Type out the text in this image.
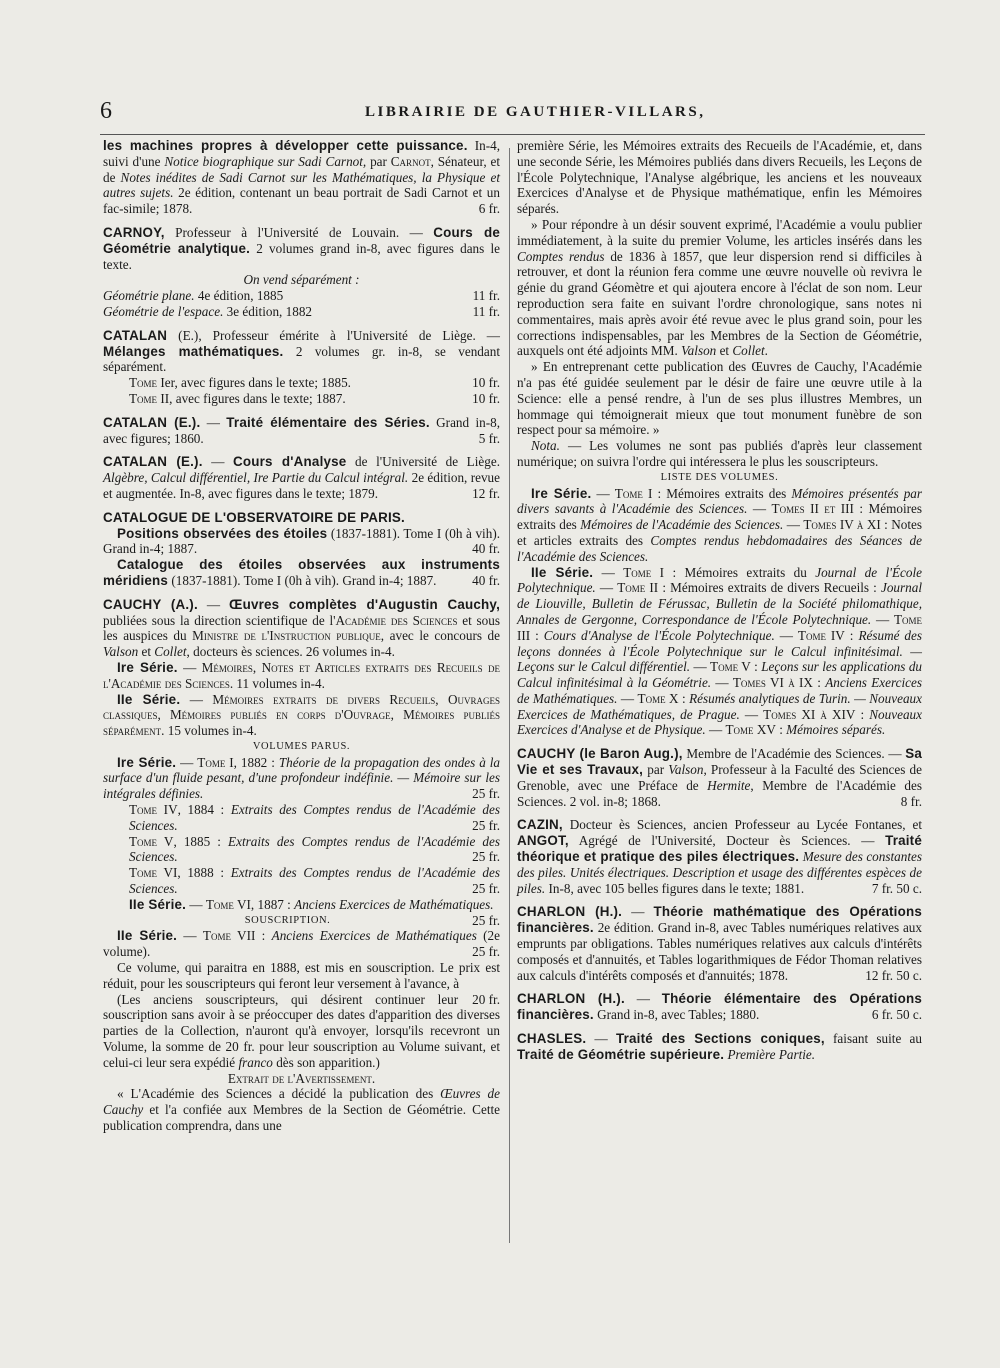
6	LIBRAIRIE DE GAUTHIER-VILLARS,

les machines propres à développer cette puissance. In-4, suivi d'une Notice biographique sur Sadi Carnot, par Carnot, Sénateur, et de Notes inédites de Sadi Carnot sur les Mathématiques, la Physique et autres sujets. 2e édition, contenant un beau portrait de Sadi Carnot et un fac-simile; 1878.	6 fr.

CARNOY, Professeur à l'Université de Louvain. — Cours de Géométrie analytique. 2 volumes grand in-8, avec figures dans le texte.

On vend séparément :

Géométrie plane. 4e édition, 1885	11 fr.

Géométrie de l'espace. 3e édition, 1882	11 fr.

CATALAN (E.), Professeur émérite à l'Université de Liège. — Mélanges mathématiques. 2 volumes gr. in-8, se vendant séparément.

Tome Ier, avec figures dans le texte; 1885.	10 fr.

Tome II, avec figures dans le texte; 1887.	10 fr.

CATALAN (E.). — Traité élémentaire des Séries. Grand in-8, avec figures; 1860.	5 fr.

CATALAN (E.). — Cours d'Analyse de l'Université de Liège. Algèbre, Calcul différentiel, Ire Partie du Calcul intégral. 2e édition, revue et augmentée. In-8, avec figures dans le texte; 1879.	12 fr.

CATALOGUE DE L'OBSERVATOIRE DE PARIS.

Positions observées des étoiles (1837-1881). Tome I (0h à vih). Grand in-4; 1887.	40 fr.

Catalogue des étoiles observées aux instruments méridiens (1837-1881). Tome I (0h à vih). Grand in-4; 1887.	40 fr.

CAUCHY (A.). — Œuvres complètes d'Augustin Cauchy, publiées sous la direction scientifique de l'Académie des Sciences et sous les auspices du Ministre de l'Instruction publique, avec le concours de Valson et Collet, docteurs ès sciences. 26 volumes in-4.

Ire Série. — Mémoires, Notes et Articles extraits des Recueils de l'Académie des Sciences. 11 volumes in-4.

IIe Série. — Mémoires extraits de divers Recueils, Ouvrages classiques, Mémoires publiés en corps d'Ouvrage, Mémoires publiés séparément. 15 volumes in-4.

VOLUMES PARUS.

Ire Série. — Tome I, 1882 : Théorie de la propagation des ondes à la surface d'un fluide pesant, d'une profondeur indéfinie. — Mémoire sur les intégrales définies.	25 fr.

Tome IV, 1884 : Extraits des Comptes rendus de l'Académie des Sciences.	25 fr.

Tome V, 1885 : Extraits des Comptes rendus de l'Académie des Sciences.	25 fr.

Tome VI, 1888 : Extraits des Comptes rendus de l'Académie des Sciences.	25 fr.

IIe Série. — Tome VI, 1887 : Anciens Exercices de Mathématiques.
25 fr.

SOUSCRIPTION.

IIe Série. — Tome VII : Anciens Exercices de Mathématiques (2e volume).	25 fr.

Ce volume, qui paraitra en 1888, est mis en souscription. Le prix est réduit, pour les souscripteurs qui feront leur versement à l'avance, à
20 fr.

(Les anciens souscripteurs, qui désirent continuer leur souscription sans avoir à se préoccuper des dates d'apparition des diverses parties de la Collection, n'auront qu'à envoyer, lorsqu'ils recevront un Volume, la somme de 20 fr. pour leur souscription au Volume suivant, et celui-ci leur sera expédié franco dès son apparition.)

Extrait de l'Avertissement.

« L'Académie des Sciences a décidé la publication des Œuvres de Cauchy et l'a confiée aux Membres de la Section de Géométrie. Cette publication comprendra, dans une

première Série, les Mémoires extraits des Recueils de l'Académie, et, dans une seconde Série, les Mémoires publiés dans divers Recueils, les Leçons de l'École Polytechnique, l'Analyse algébrique, les anciens et les nouveaux Exercices d'Analyse et de Physique mathématique, enfin les Mémoires séparés.

» Pour répondre à un désir souvent exprimé, l'Académie a voulu publier immédiatement, à la suite du premier Volume, les articles insérés dans les Comptes rendus de 1836 à 1857, que leur dispersion rend si difficiles à retrouver, et dont la réunion fera comme une œuvre nouvelle où revivra le génie du grand Géomètre et qui ajoutera encore à l'éclat de son nom. Leur reproduction sera faite en suivant l'ordre chronologique, sans notes ni commentaires, mais après avoir été revue avec le plus grand soin, pour les corrections indispensables, par les Membres de la Section de Géométrie, auxquels ont été adjoints MM. Valson et Collet.

» En entreprenant cette publication des Œuvres de Cauchy, l'Académie n'a pas été guidée seulement par le désir de faire une œuvre utile à la Science: elle a pensé rendre, à l'un de ses plus illustres Membres, un hommage qui témoignerait mieux que tout monument funèbre de son respect pour sa mémoire. »

Nota. — Les volumes ne sont pas publiés d'après leur classement numérique; on suivra l'ordre qui intéressera le plus les souscripteurs.

LISTE DES VOLUMES.

Ire Série. — Tome I : Mémoires extraits des Mémoires présentés par divers savants à l'Académie des Sciences. — Tomes II et III : Mémoires extraits des Mémoires de l'Académie des Sciences. — Tomes IV à XI : Notes et articles extraits des Comptes rendus hebdomadaires des Séances de l'Académie des Sciences.

IIe Série. — Tome I : Mémoires extraits du Journal de l'École Polytechnique. — Tome II : Mémoires extraits de divers Recueils : Journal de Liouville, Bulletin de Férussac, Bulletin de la Société philomathique, Annales de Gergonne, Correspondance de l'École Polytechnique. — Tome III : Cours d'Analyse de l'École Polytechnique. — Tome IV : Résumé des leçons données à l'École Polytechnique sur le Calcul infinitésimal. — Leçons sur le Calcul différentiel. — Tome V : Leçons sur les applications du Calcul infinitésimal à la Géométrie. — Tomes VI à IX : Anciens Exercices de Mathématiques. — Tome X : Résumés analytiques de Turin. — Nouveaux Exercices de Mathématiques, de Prague. — Tomes XI à XIV : Nouveaux Exercices d'Analyse et de Physique. — Tome XV : Mémoires séparés.

CAUCHY (le Baron Aug.), Membre de l'Académie des Sciences. — Sa Vie et ses Travaux, par Valson, Professeur à la Faculté des Sciences de Grenoble, avec une Préface de Hermite, Membre de l'Académie des Sciences. 2 vol. in-8; 1868.	8 fr.

CAZIN, Docteur ès Sciences, ancien Professeur au Lycée Fontanes, et ANGOT, Agrégé de l'Université, Docteur ès Sciences. — Traité théorique et pratique des piles électriques. Mesure des constantes des piles. Unités électriques. Description et usage des différentes espèces de piles. In-8, avec 105 belles figures dans le texte; 1881.	7 fr. 50 c.

CHARLON (H.). — Théorie mathématique des Opérations financières. 2e édition. Grand in-8, avec Tables numériques relatives aux emprunts par obligations. Tables numériques relatives aux calculs d'intérêts composés et d'annuités, et Tables logarithmiques de Fédor Thoman relatives aux calculs d'intérêts composés et d'annuités; 1878.	12 fr. 50 c.

CHARLON (H.). — Théorie élémentaire des Opérations financières. Grand in-8, avec Tables; 1880.	6 fr. 50 c.

CHASLES. — Traité des Sections coniques, faisant suite au Traité de Géométrie supérieure. Première Partie.
